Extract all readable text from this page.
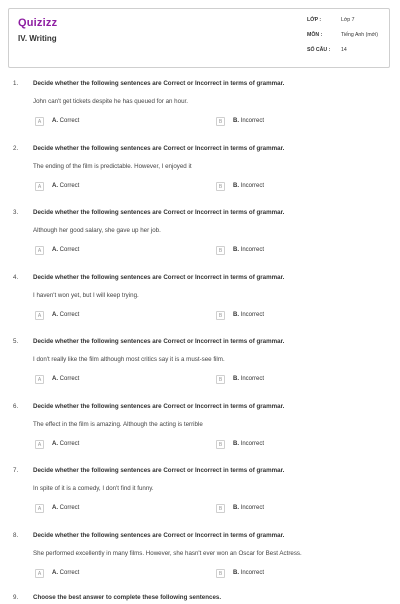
Quizizz
IV. Writing
LỚP :	Lớp 7
MÔN :	Tiếng Anh (mới)
SỐ CÂU : 14
1. Decide whether the following sentences are Correct or Incorrect in terms of grammar.
John can't get tickets despite he has queued for an hour.
A	A. Correct	B	B. Incorrect
2. Decide whether the following sentences are Correct or Incorrect in terms of grammar.
The ending of the film is predictable. However, I enjoyed it
A	A. Correct	B	B. Incorrect
3. Decide whether the following sentences are Correct or Incorrect in terms of grammar.
Although her good salary, she gave up her job.
A	A. Correct	B	B. Incorrect
4. Decide whether the following sentences are Correct or Incorrect in terms of grammar.
I haven't won yet, but I will keep trying.
A	A. Correct	B	B. Incorrect
5. Decide whether the following sentences are Correct or Incorrect in terms of grammar.
I don't really like the film although most critics say it is a must-see film.
A	A. Correct	B	B. Incorrect
6. Decide whether the following sentences are Correct or Incorrect in terms of grammar.
The effect in the film is amazing. Although the acting is terrible
A	A. Correct	B	B. Incorrect
7. Decide whether the following sentences are Correct or Incorrect in terms of grammar.
In spite of it is a comedy, I don't find it funny.
A	A. Correct	B	B. Incorrect
8. Decide whether the following sentences are Correct or Incorrect in terms of grammar.
She performed excellently in many films. However, she hasn't ever won an Oscar for Best Actress.
A	A. Correct	B	B. Incorrect
9. Choose the best answer to complete these following sentences.
